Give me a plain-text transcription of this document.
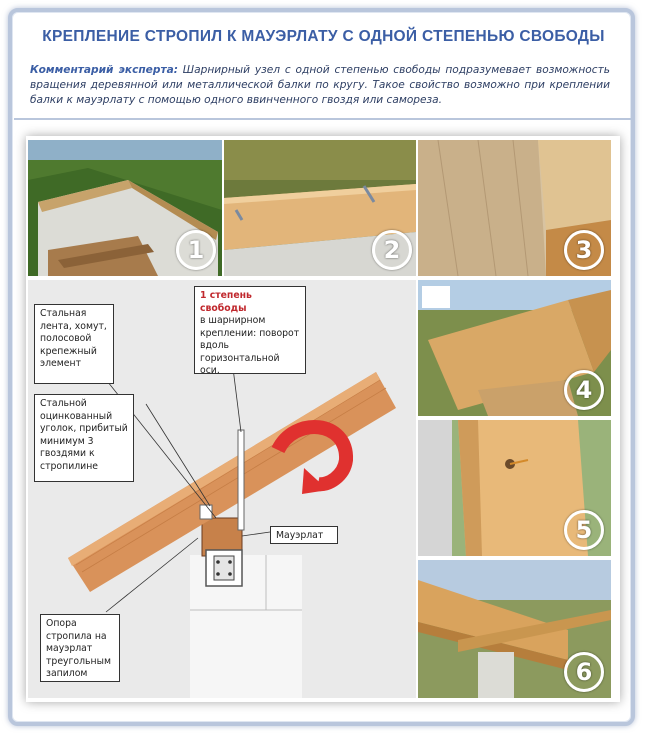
КРЕПЛЕНИЕ СТРОПИЛ К МАУЭРЛАТУ С ОДНОЙ СТЕПЕНЬЮ СВОБОДЫ
Комментарий эксперта: Шарнирный узел с одной степенью свободы подразумевает возможность вращения деревянной или металлической балки по кругу. Такое свойство возможно при креплении балки к мауэрлату с помощью одного ввинченного гвоздя или самореза.
1	2	3
4
5
6
1 степень свободы
в шарнирном креплении: поворот вдоль горизонтальной оси.
Стальная лента, хомут, полосовой крепежный элемент
Стальной оцинкованный уголок, прибитый минимум 3 гвоздями к стропилине
Мауэрлат
Опора стропила на мауэрлат треугольным запилом
